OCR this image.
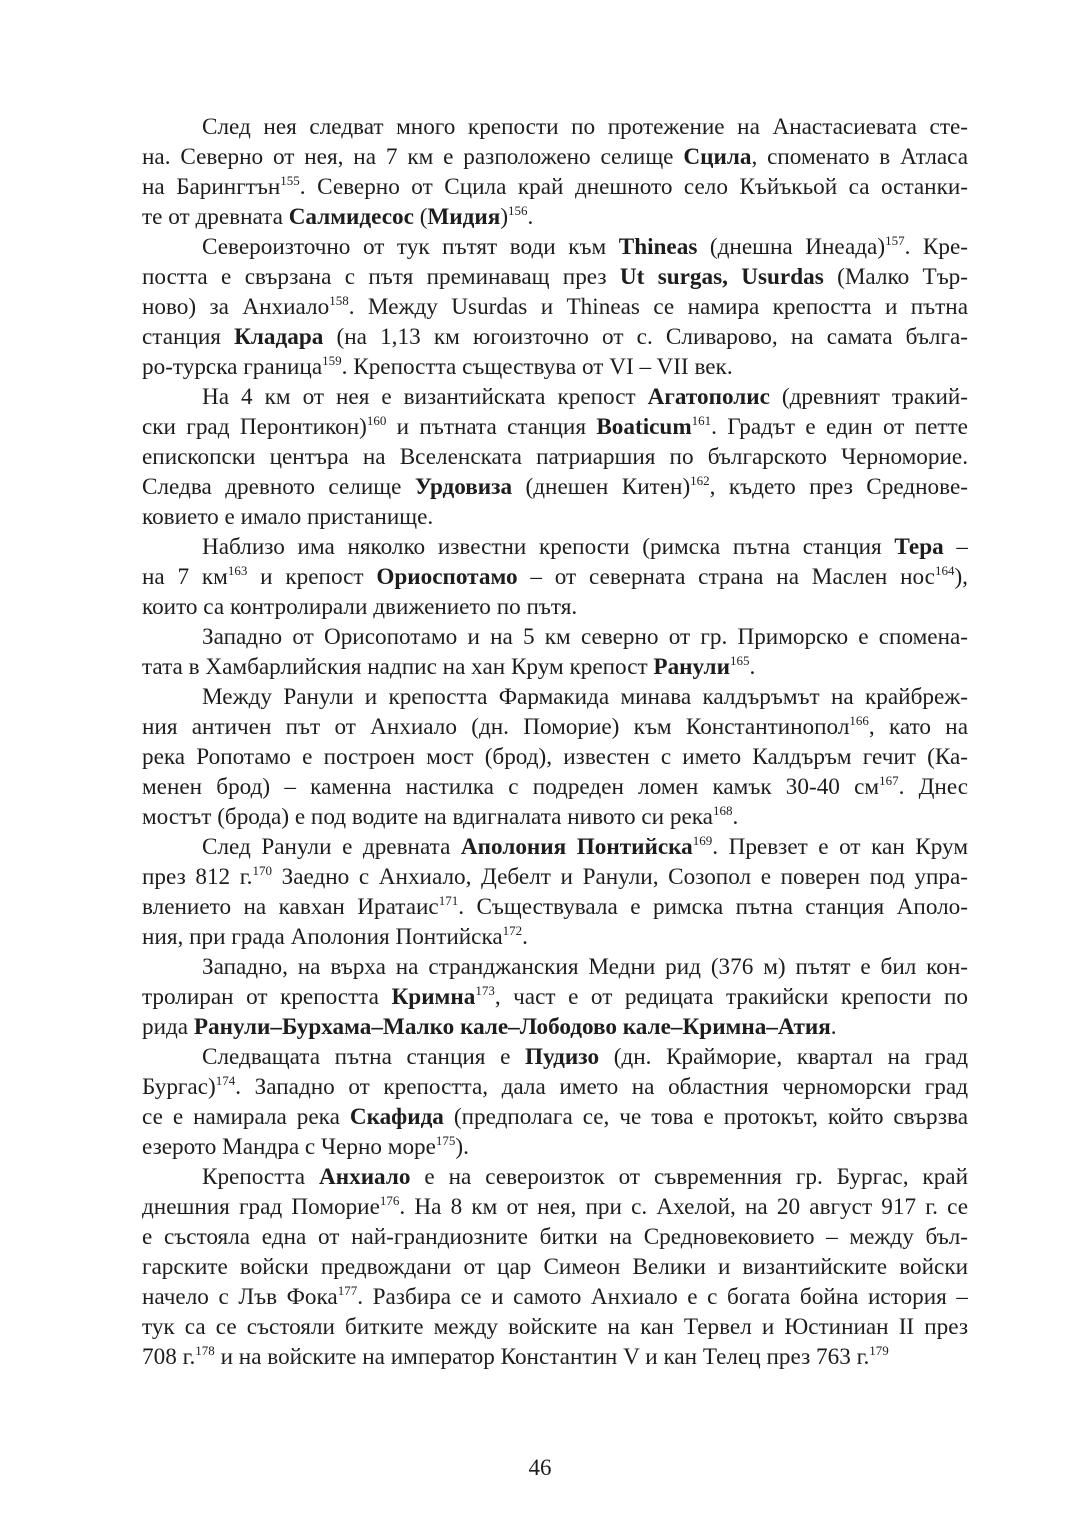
След нея следват много крепости по протежение на Анастасиевата сте-
на. Северно от нея, на 7 км е разположено селище Сцила, споменато в Атласа
на Барингтън$^{155}$. Северно от Сцила край днешното село Къйъкьой са останки-
те от древната Салмидесос (Мидия)$^{156}$.
Североизточно от тук пътят води към Thineas (днешна Инеада)$^{157}$. Кре-
постта е свързана с пътя преминаващ през Ut surgas, Usurdas (Малко Тър-
ново) за Анхиало$^{158}$. Между Usurdas и Thineas се намира крепостта и пътна
станция Кладара (на 1,13 км югоизточно от с. Сливарово, на самата бълга-
ро-турска граница$^{159}$. Крепостта съществува от VI – VII век.
На 4 км от нея е византийската крепост Агатополис (древният тракий-
ски град Перонтикон)$^{160}$ и пътната станция Boaticum$^{161}$. Градът е един от петте
епископски центъра на Вселенската патриаршия по българското Черноморие.
Следва древното селище Урдовиза (днешен Китен)$^{162}$, където през Среднове-
ковието е имало пристанище.
Наблизо има няколко известни крепости (римска пътна станция Тера –
на 7 $км^{163}$ и крепост Ориоспотамо – от северната страна на Маслен нос$^{164}$),
които са контролирали движението по пътя.
Западно от Орисопотамо и на 5 км северно от гр. Приморско е спомена-
тата в Хамбарлийския надпис на хан Крум крепост Ранули$^{165}$.
Между Ранули и крепостта Фармакида минава калдъръмът на крайбреж-
ния античен път от Анхиало (дн. Поморие) към Константинопол$^{166}$, като на
река Ропотамо е построен мост (брод), известен с името Калдъръм гечит (Ка-
менен брод) – каменна настилка с подреден ломен камък 30-40 $см^{167}$. Днес
мостът (брода) е под водите на вдигналата нивото си река$^{168}$.
След Ранули е древната Аполония Понтийска$^{169}$. Превзет е от кан Крум
през 812 г.$^{170}$ Заедно с Анхиало, Дебелт и Ранули, Созопол е поверен под упра-
влението на кавхан Иратаис$^{171}$. Съществувала е римска пътна станция Аполо-
ния, при града Аполония Понтийска$^{172}$.
Западно, на върха на странджанския Медни рид (376 м) пътят е бил кон-
тролиран от крепостта Кримна$^{173}$, част е от редицата тракийски крепости по
рида Ранули–Бурхама–Малко кале–Лободово кале–Кримна–Атия.
Следващата пътна станция е Пудизо (дн. Крайморие, квартал на град
Бургас)$^{174}$. Западно от крепостта, дала името на областния черноморски град
се е намирала река Скафида (предполага се, че това е протокът, който свързва
езерото Мандра с Черно море$^{175}$).
Крепостта Анхиало е на североизток от съвременния гр. Бургас, край
днешния град Поморие$^{176}$. На 8 км от нея, при с. Ахелой, на 20 август 917 г. се
е състояла една от най-грандиозните битки на Средновековието – между бъл-
гарските войски предвождани от цар Симеон Велики и византийските войски
начело с Лъв Фока$^{177}$. Разбира се и самото Анхиало е с богата бойна история –
тук са се състояли битките между войските на кан Тервел и Юстиниан II през
708 г.$^{178}$ и на войските на император Константин V и кан Телец през 763 г.$^{179}$
46
